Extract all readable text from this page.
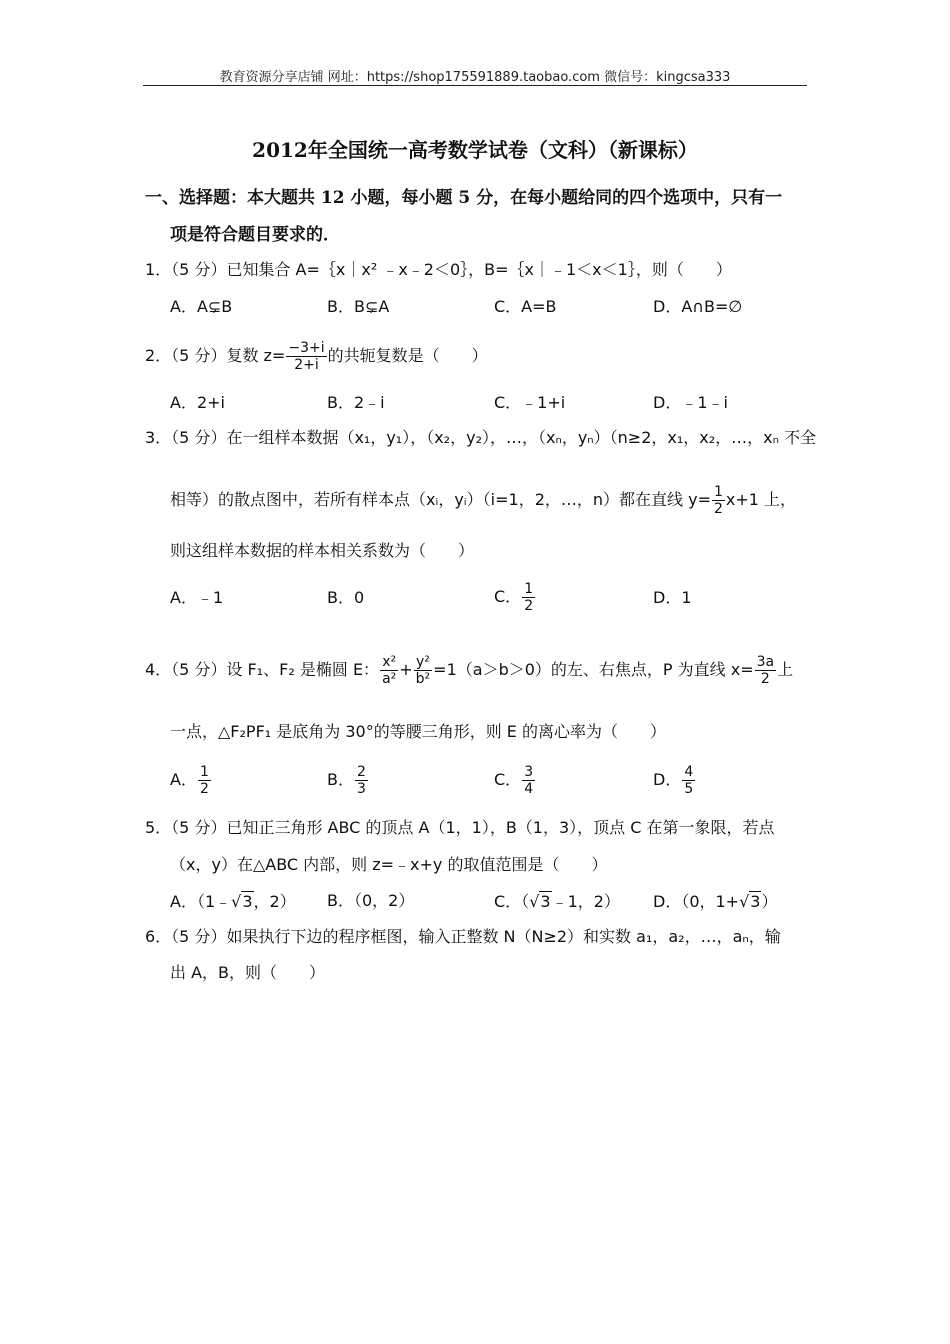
教育资源分享店铺 网址：https://shop175591889.taobao.com 微信号：kingcsa333
2012年全国统一高考数学试卷（文科）（新课标）
一、选择题：本大题共 12 小题，每小题 5 分，在每小题给同的四个选项中，只有一
项是符合题目要求的．
1．（5 分）已知集合 A=｛x｜x² ﹣x﹣2＜0｝，B=｛x｜﹣1＜x＜1｝，则（　　）
A．A⊊B	B．B⊊A	C．A=B	D．A∩B=∅
2．（5 分）复数 $z= \frac{-3+i}{2+i}$ 的共轭复数是（　　）
A．2+i	B．2﹣i	C．﹣1+i	D．﹣1﹣i
3．（5 分）在一组样本数据（x₁，y₁），（x₂，y₂），…，（xₙ，yₙ）（n≥2，x₁，x₂，…，xₙ 不全
相等）的散点图中，若所有样本点（xᵢ，yᵢ）（i=1，2，…，n）都在直线 $y= \frac{1}{2} x+1$ 上，
则这组样本数据的样本相关系数为（　　）
A．﹣1	B．0	C． $\frac{1}{2}$	D．1
4．（5 分）设 F₁、F₂ 是椭圆 E： $\frac{\text{x²}}{\text{a²}} + \frac{\text{y²}}{\text{b²}} =1(a>b>0)$的左、右焦点，P 为直线 $x= \frac{3a}{2}$ 上
一点，△F₂PF₁ 是底角为 30°的等腰三角形，则 E 的离心率为（　　）
A． $\frac{1}{2}$	B． $\frac{2}{3}$	C． $\frac{3}{4}$	D． $\frac{4}{5}$
5．（5 分）已知正三角形 ABC 的顶点 A（1，1），B（1，3），顶点 C 在第一象限，若点
（x，y）在△ABC 内部，则 z=﹣x+y 的取值范围是（　　）
A．（1﹣√3，2） B．（0，2）	C．（√3﹣1，2） D．（0，1+√3）
6．（5 分）如果执行下边的程序框图，输入正整数 N（N≥2）和实数 a₁，a₂，…，aₙ，输
出 A，B，则（　　）
